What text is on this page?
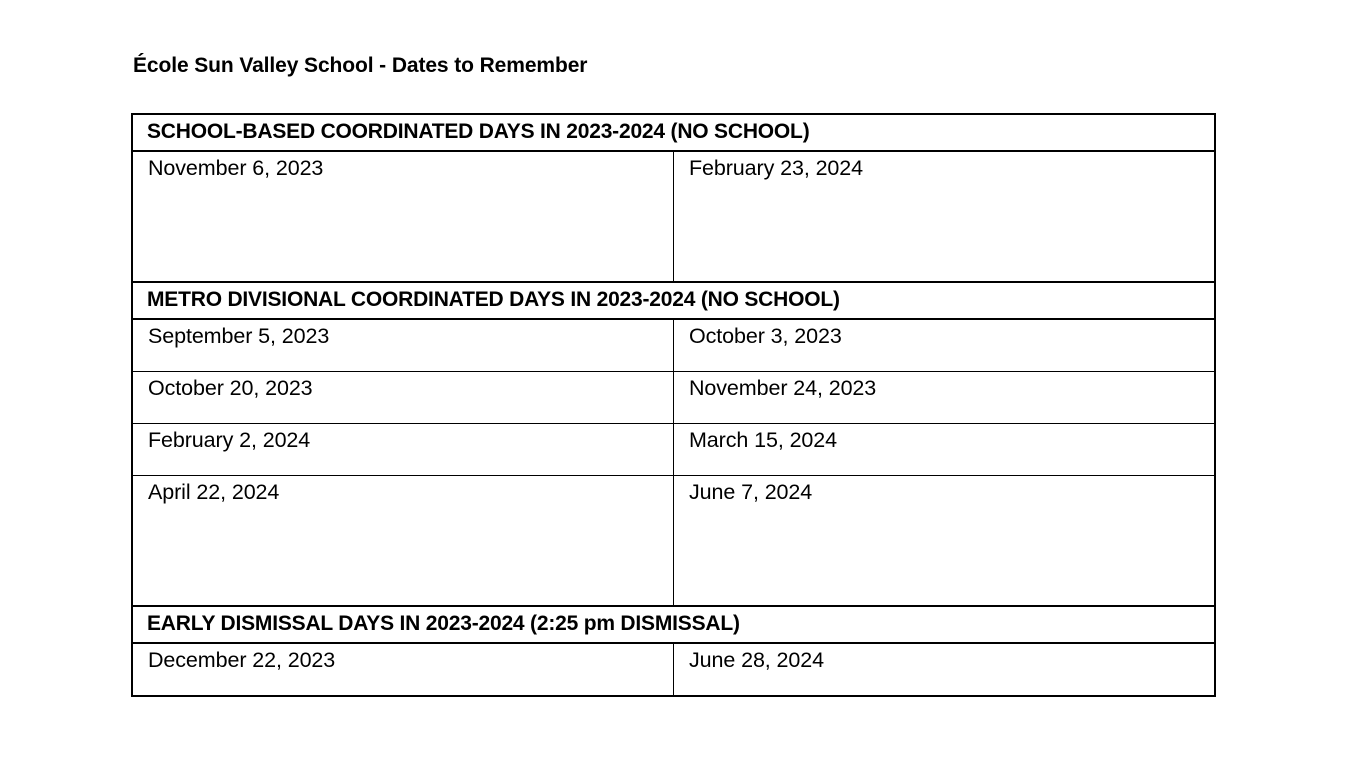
École Sun Valley School - Dates to Remember
SCHOOL-BASED COORDINATED DAYS IN 2023-2024 (NO SCHOOL)	
November 6, 2023	February 23, 2024
METRO DIVISIONAL COORDINATED DAYS IN 2023-2024 (NO SCHOOL)	
September 5, 2023	October 3, 2023
October 20, 2023	November 24, 2023
February 2, 2024	March 15, 2024
April 22, 2024	June 7, 2024
EARLY DISMISSAL DAYS IN 2023-2024 (2:25 pm DISMISSAL)	
December 22, 2023	June 28, 2024
